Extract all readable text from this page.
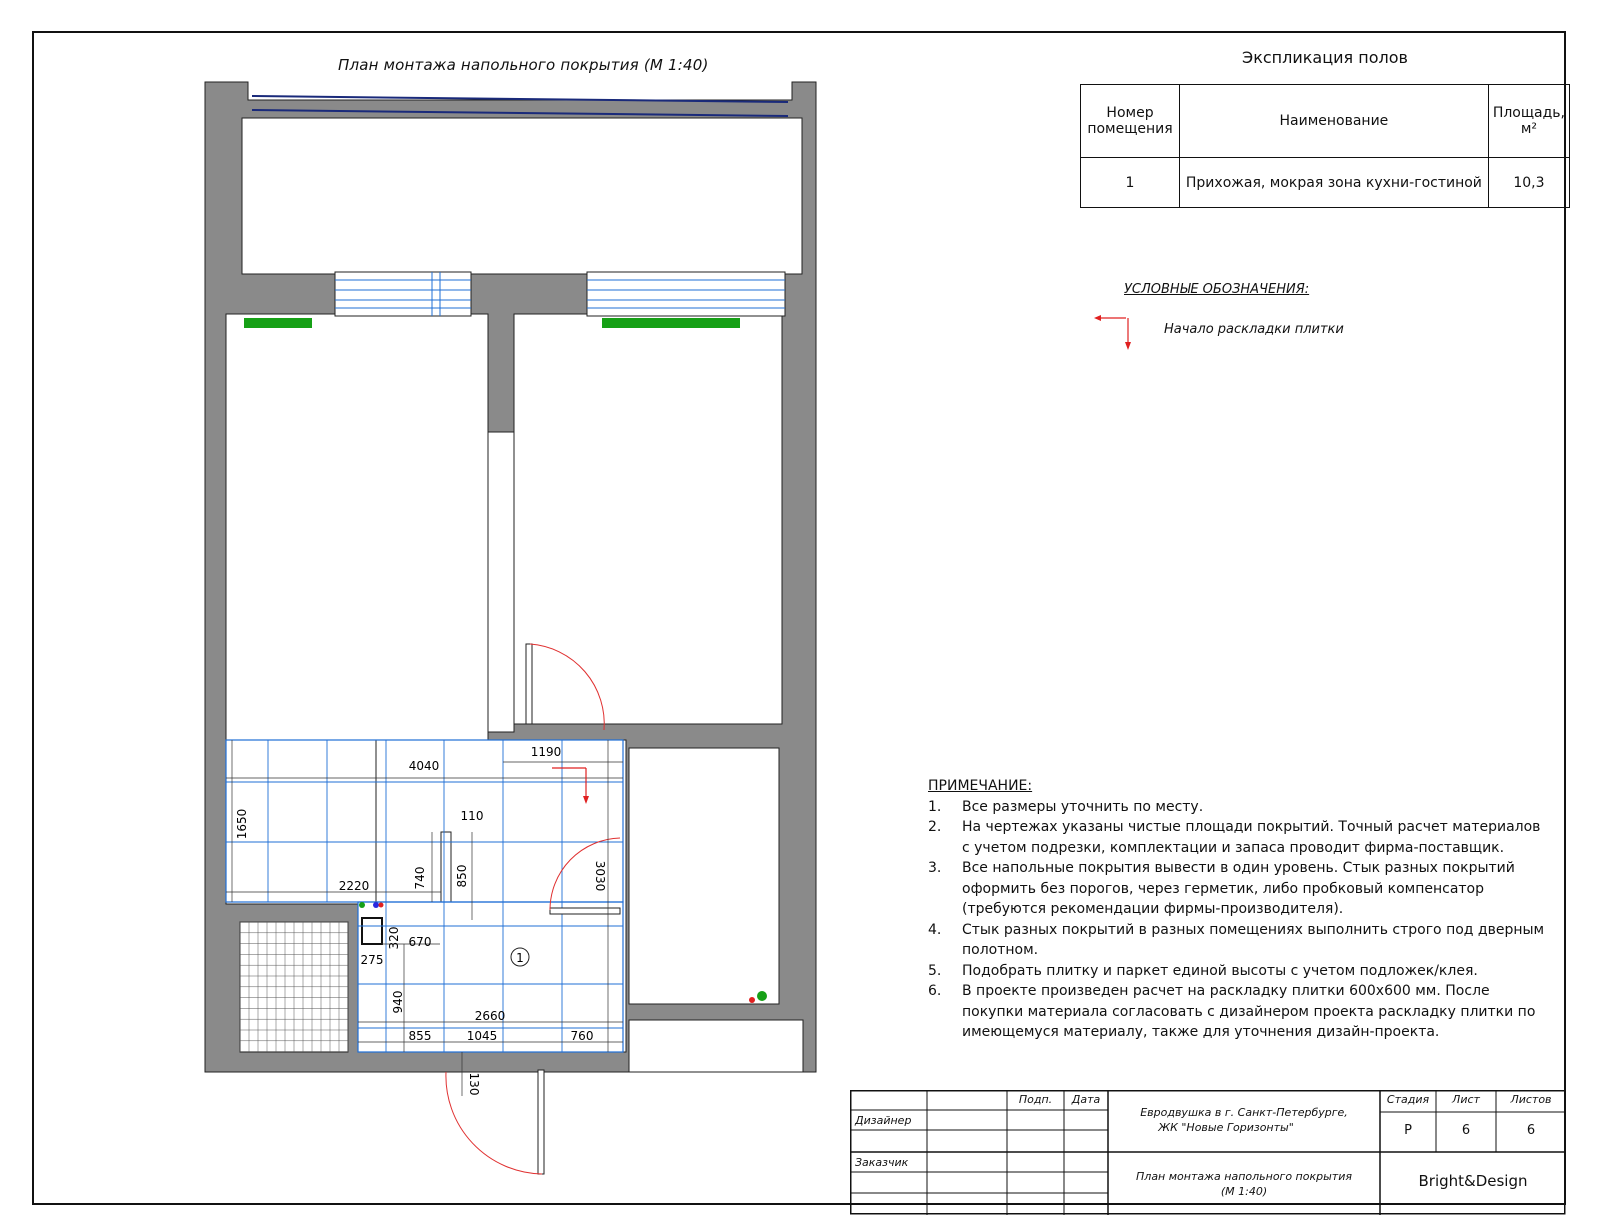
План монтажа напольного покрытия (М 1:40)
4040
1190
1650	110
2220	740 850	3030
320 670
275
940
2660
855	1045	760
130
1
Экспликация полов
Номер помещения	Наименование	Площадь, м²
1	Прихожая, мокрая зона кухни-гостиной	10,3
УСЛОВНЫЕ ОБОЗНАЧЕНИЯ:
Начало раскладки плитки
ПРИМЕЧАНИЕ:
1.	Все размеры уточнить по месту.
2.	На чертежах указаны чистые площади покрытий. Точный расчет материалов с учетом подрезки, комплектации и запаса проводит фирма-поставщик.
3.	Все напольные покрытия вывести в один уровень. Стык разных покрытий оформить без порогов, через герметик, либо пробковый компенсатор (требуются рекомендации фирмы-производителя).
4.	Стык разных покрытий в разных помещениях выполнить строго под дверным полотном.
5.	Подобрать плитку и паркет единой высоты с учетом подложек/клея.
6.	В проекте произведен расчет на раскладку плитки 600х600 мм. После покупки материала согласовать с дизайнером проекта раскладку плитки по имеющемуся материалу, также для уточнения дизайн-проекта.
Подп.	Дата
Дизайнер
Заказчик
Евродвушка в г. Санкт-Петербурге,
ЖК "Новые Горизонты"
План монтажа напольного покрытия
(М 1:40)
Стадия	Лист	Листов
Р	6	6
Bright&Design
